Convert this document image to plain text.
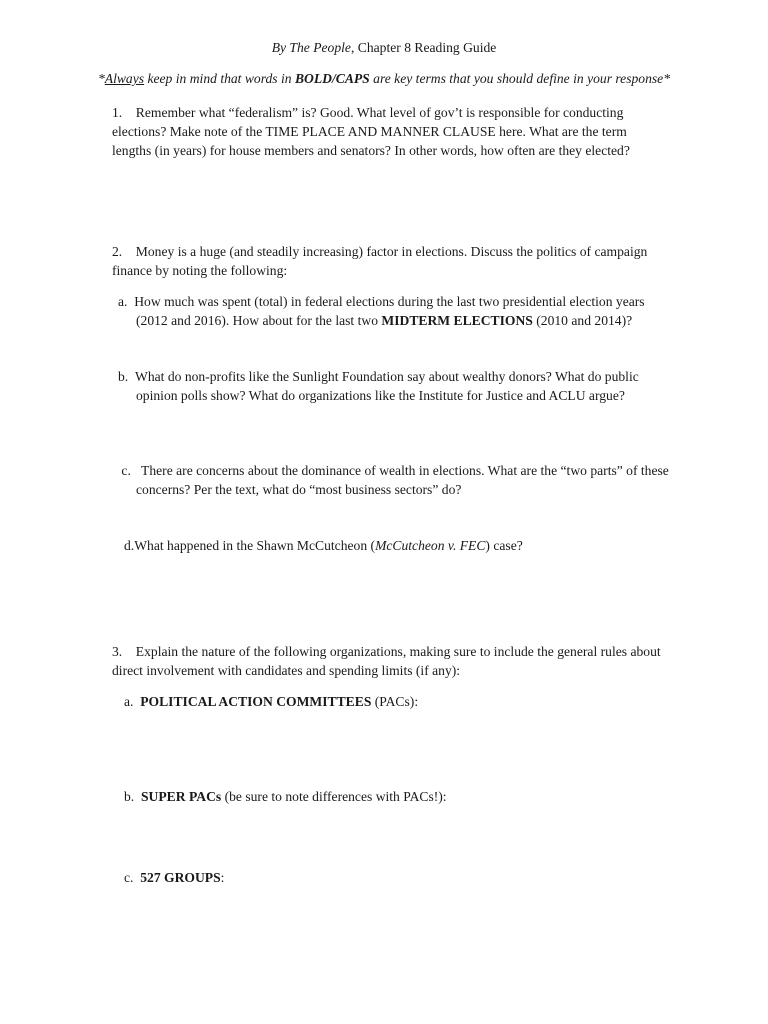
By The People, Chapter 8 Reading Guide
*Always keep in mind that words in BOLD/CAPS are key terms that you should define in your response*
1. Remember what “federalism” is? Good. What level of gov’t is responsible for conducting elections? Make note of the TIME PLACE AND MANNER CLAUSE here. What are the term lengths (in years) for house members and senators? In other words, how often are they elected?
2. Money is a huge (and steadily increasing) factor in elections. Discuss the politics of campaign finance by noting the following:
a. How much was spent (total) in federal elections during the last two presidential election years (2012 and 2016). How about for the last two MIDTERM ELECTIONS (2010 and 2014)?
b. What do non-profits like the Sunlight Foundation say about wealthy donors? What do public opinion polls show? What do organizations like the Institute for Justice and ACLU argue?
c. There are concerns about the dominance of wealth in elections. What are the “two parts” of these concerns? Per the text, what do “most business sectors” do?
d.What happened in the Shawn McCutcheon (McCutcheon v. FEC) case?
3. Explain the nature of the following organizations, making sure to include the general rules about direct involvement with candidates and spending limits (if any):
a. POLITICAL ACTION COMMITTEES (PACs):
b. SUPER PACs (be sure to note differences with PACs!):
c. 527 GROUPS:
